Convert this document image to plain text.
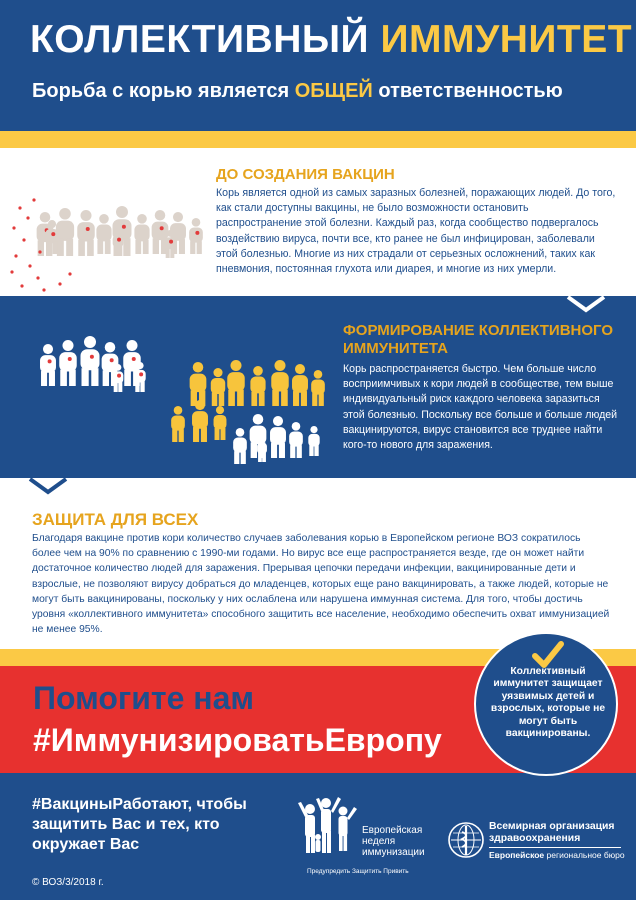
КОЛЛЕКТИВНЫЙ ИММУНИТЕТ
Борьба с корью является ОБЩЕЙ ответственностью
ДО СОЗДАНИЯ ВАКЦИН
Корь является одной из самых заразных болезней, поражающих людей. До того, как стали доступны вакцины, не было возможности остановить распространение этой болезни. Каждый раз, когда сообщество подвергалось воздействию вируса, почти все, кто ранее не был инфицирован, заболевали этой болезнью. Многие из них страдали от серьезных осложнений, таких как пневмония, постоянная глухота или диарея, и многие из них умерли.
ФОРМИРОВАНИЕ КОЛЛЕКТИВНОГО ИММУНИТЕТА
Корь распространяется быстро. Чем больше число восприимчивых к кори людей в сообществе, тем выше индивидуальный риск каждого человека заразиться этой болезнью. Поскольку все больше и больше людей вакцинируются, вирус становится все труднее найти кого-то нового для заражения.
ЗАЩИТА ДЛЯ ВСЕХ
Благодаря вакцине против кори количество случаев заболевания корью в Европейском регионе ВОЗ сократилось более чем на 90% по сравнению с 1990-ми годами. Но вирус все еще распространяется везде, где он может найти достаточное количество людей для заражения. Прерывая цепочки передачи инфекции, вакцинированные дети и взрослые, не позволяют вирусу добраться до младенцев, которых еще рано вакцинировать, а также людей, которые не могут быть вакцинированы, поскольку у них ослаблена или нарушена иммунная система. Для того, чтобы достичь уровня «коллективного иммунитета» способного защитить все население, необходимо обеспечить охват иммунизацией не менее 95%.
Помогите нам
#ИммунизироватьЕвропу
#ВакциныРаботают, чтобы защитить Вас и тех, кто окружает Вас
© ВОЗ/3/2018 г.
Европейская
неделя
иммунизации
Предупредить Защитить Привить
Всемирная организация
здравоохранения
Европейское региональное бюро
Коллективный иммунитет защищает уязвимых детей и взрослых, которые не могут быть вакцинированы.
